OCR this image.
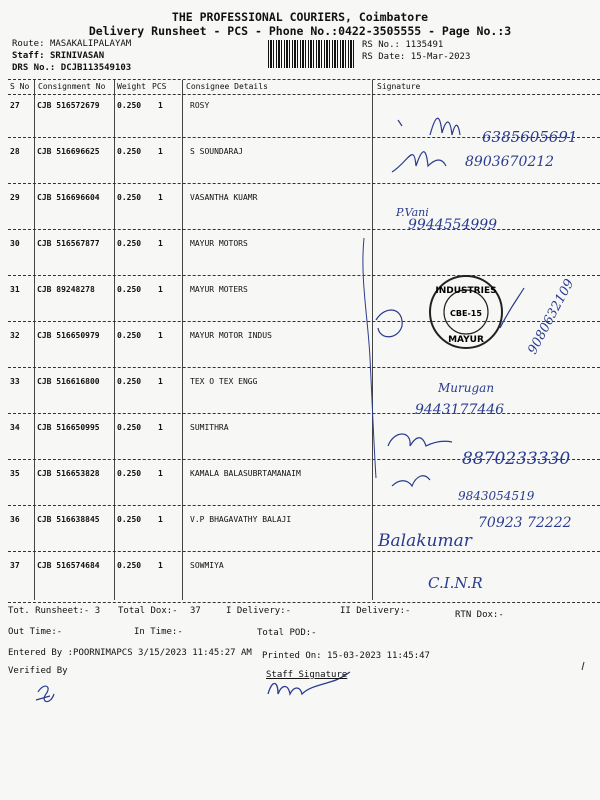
THE PROFESSIONAL COURIERS, Coimbatore
Delivery Runsheet - PCS - Phone No.:0422-3505555 - Page No.:3
Route: MASAKALIPALAYAM
Staff: SRINIVASAN
DRS No.: DCJB113549103
RS No.: 1135491
RS Date: 15-Mar-2023
S No Consignment No Weight PCS Consignee Details	Signature
27 CJB 516572679 0.250 1	ROSY
28 CJB 516696625 0.250 1	S SOUNDARAJ
29 CJB 516696604 0.250 1	VASANTHA KUAMR
30 CJB 516567877 0.250 1	MAYUR MOTORS
31 CJB 89248278	0.250 1	MAYUR MOTERS
32 CJB 516650979 0.250 1	MAYUR MOTOR INDUS
33 CJB 516616800 0.250 1	TEX O TEX ENGG
34 CJB 516650995 0.250 1	SUMITHRA
35 CJB 516653828 0.250 1	KAMALA BALASUBRTAMANAIM
36 CJB 516638845 0.250 1	V.P BHAGAVATHY BALAJI
37 CJB 516574684 0.250 1	SOWMIYA
6385605691
8903670212
P.Vani
9944554999
INDUSTRIES
MAYUR
CBE-15	9080632109
Murugan
9443177446
8870233330
9843054519
70923 72222
Balakumar
C.I.N.R
Tot. Runsheet:- 3 Total Dox:- 37	I Delivery:-	II Delivery:-	RTN Dox:-
Out Time:-	In Time:-	Total POD:-
Entered By :POORNIMAPCS 3/15/2023 11:45:27 AM Printed On: 15-03-2023 11:45:47
Verified By	Staff Signature
